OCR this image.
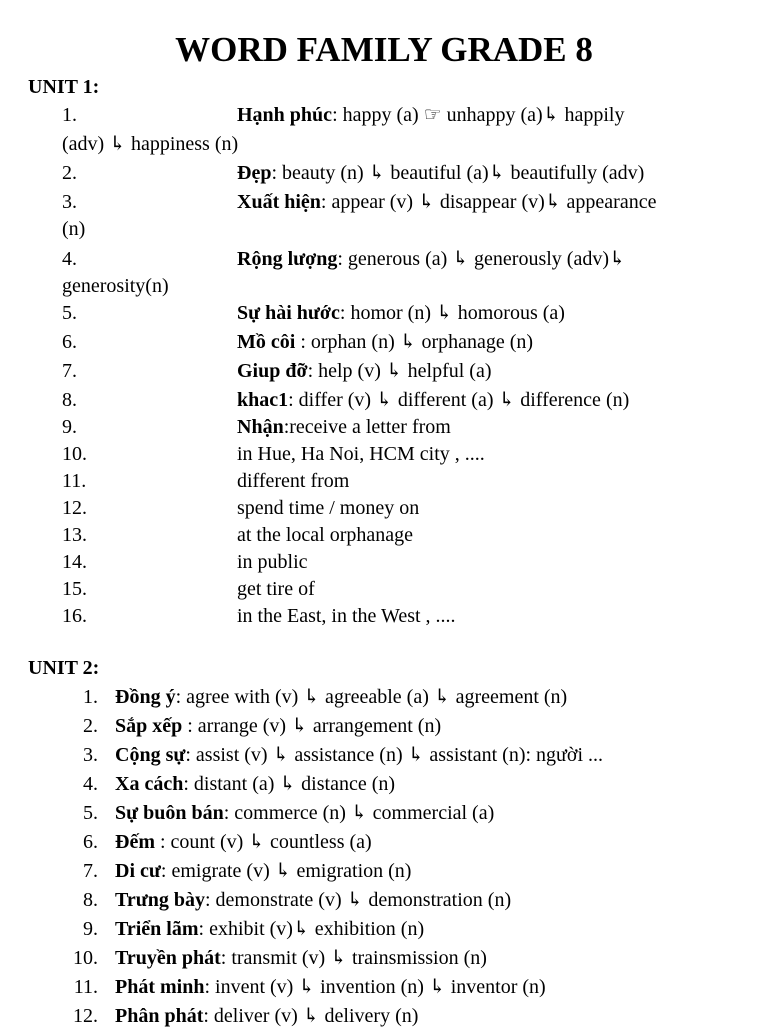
WORD FAMILY GRADE 8
UNIT 1:
1.	Hạnh phúc: happy (a) ☞ unhappy (a)↳ happily
(adv) ↳ happiness (n)
2.	Đẹp: beauty (n) ↳ beautiful (a)↳ beautifully (adv)
3.	Xuất hiện: appear (v) ↳ disappear (v)↳ appearance
(n)
4.	Rộng lượng: generous (a) ↳ generously (adv)↳
generosity(n)
5.	Sự hài hước: homor (n) ↳ homorous (a)
6.	Mồ côi : orphan (n) ↳ orphanage (n)
7.	Giup đỡ: help (v) ↳ helpful (a)
8.	khac1: differ (v) ↳ different (a) ↳ difference (n)
9.	Nhận:receive a letter from
10.	in Hue, Ha Noi, HCM city , ....
11.	different from
12.	spend time / money on
13.	at the local orphanage
14.	in public
15.	get tire of
16.	in the East, in the West , ....
UNIT 2:
1. Đồng ý: agree with (v) ↳ agreeable (a) ↳ agreement (n)
2. Sắp xếp : arrange (v) ↳ arrangement (n)
3. Cộng sự: assist (v) ↳ assistance (n) ↳ assistant (n): người ...
4. Xa cách: distant (a) ↳ distance (n)
5. Sự buôn bán: commerce (n) ↳ commercial (a)
6. Đếm : count (v) ↳ countless (a)
7. Di cư: emigrate (v) ↳ emigration (n)
8. Trưng bày: demonstrate (v) ↳ demonstration (n)
9. Triển lãm: exhibit (v)↳ exhibition (n)
10. Truyền phát: transmit (v) ↳ trainsmission (n)
11. Phát minh: invent (v) ↳ invention (n) ↳ inventor (n)
12. Phân phát: deliver (v) ↳ delivery (n)
